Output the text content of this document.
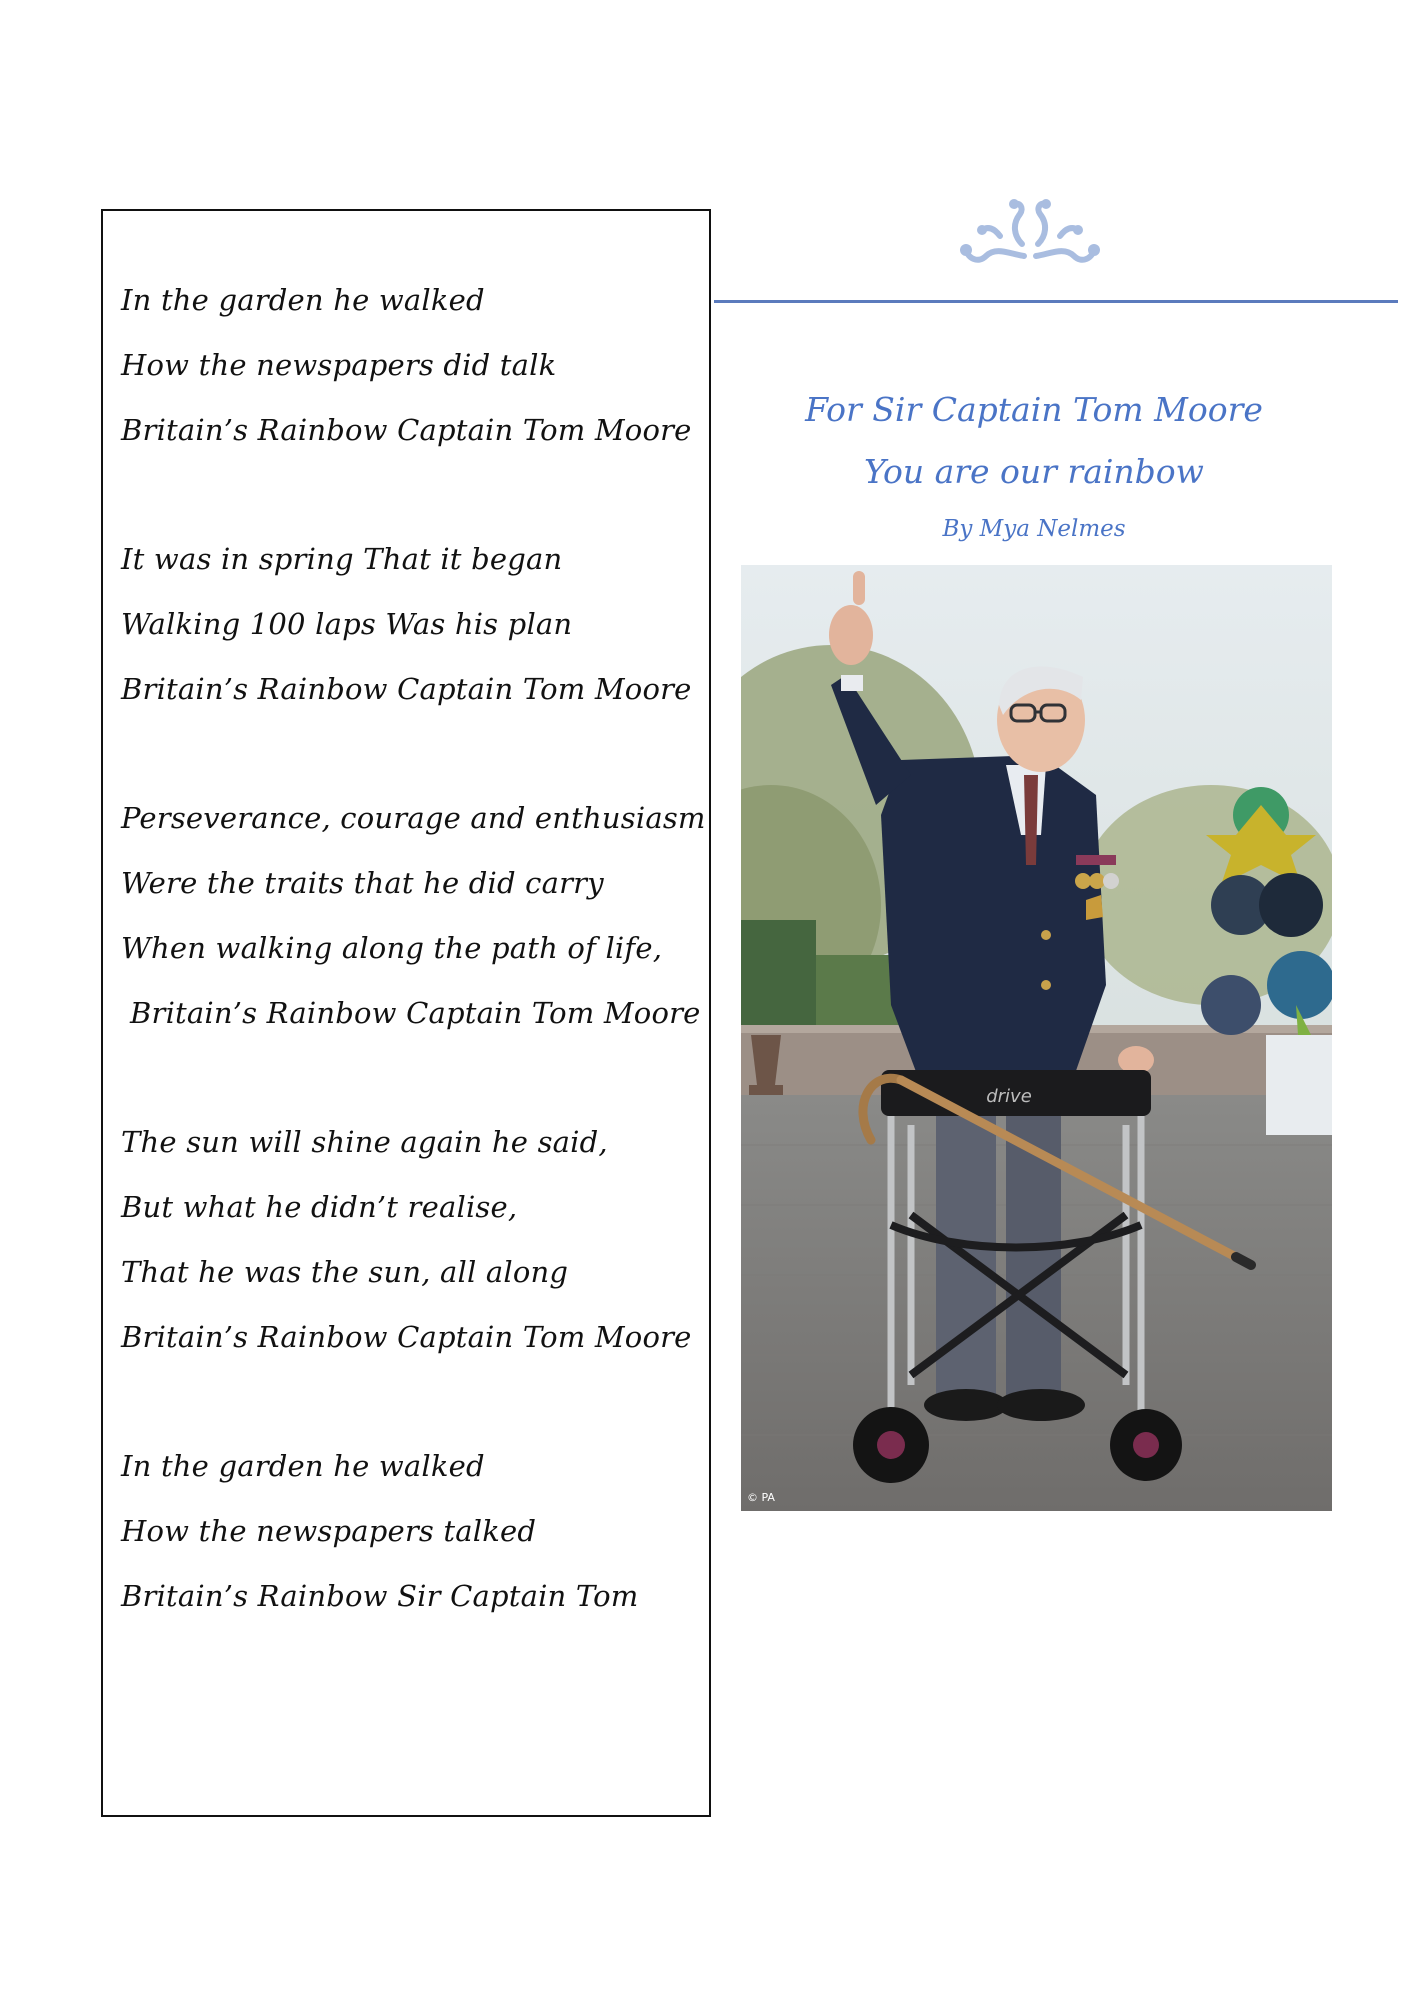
In the garden he walked
How the newspapers did talk
Britain’s Rainbow Captain Tom Moore
It was in spring That it began
Walking 100 laps Was his plan
Britain’s Rainbow Captain Tom Moore
Perseverance, courage and enthusiasm
Were the traits that he did carry
When walking along the path of life,
Britain’s Rainbow Captain Tom Moore
The sun will shine again he said,
But what he didn’t realise,
That he was the sun, all along
Britain’s Rainbow Captain Tom Moore
In the garden he walked
How the newspapers talked
Britain’s Rainbow Sir Captain Tom
For Sir Captain Tom Moore
You are our rainbow
By Mya Nelmes
drive
© PA
